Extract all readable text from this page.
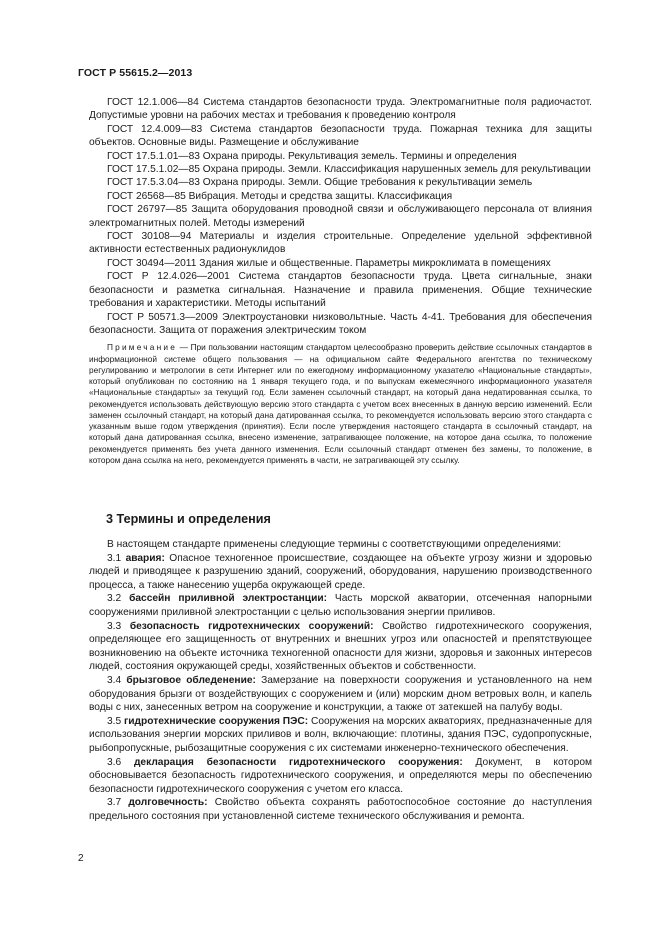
ГОСТ Р 55615.2—2013

ГОСТ 12.1.006—84 Система стандартов безопасности труда. Электромагнитные поля радиочастот. Допустимые уровни на рабочих местах и требования к проведению контроля

ГОСТ 12.4.009—83 Система стандартов безопасности труда. Пожарная техника для защиты объектов. Основные виды. Размещение и обслуживание

ГОСТ 17.5.1.01—83 Охрана природы. Рекультивация земель. Термины и определения

ГОСТ 17.5.1.02—85 Охрана природы. Земли. Классификация нарушенных земель для рекультивации

ГОСТ 17.5.3.04—83 Охрана природы. Земли. Общие требования к рекультивации земель

ГОСТ 26568—85 Вибрация. Методы и средства защиты. Классификация

ГОСТ 26797—85 Защита оборудования проводной связи и обслуживающего персонала от влияния электромагнитных полей. Методы измерений

ГОСТ 30108—94 Материалы и изделия строительные. Определение удельной эффективной активности естественных радионуклидов

ГОСТ 30494—2011 Здания жилые и общественные. Параметры микроклимата в помещениях

ГОСТ Р 12.4.026—2001 Система стандартов безопасности труда. Цвета сигнальные, знаки безопасности и разметка сигнальная. Назначение и правила применения. Общие технические требования и характеристики. Методы испытаний

ГОСТ Р 50571.3—2009 Электроустановки низковольтные. Часть 4-41. Требования для обеспечения безопасности. Защита от поражения электрическим током

Примечание — При пользовании настоящим стандартом целесообразно проверить действие ссылочных стандартов в информационной системе общего пользования — на официальном сайте Федерального агентства по техническому регулированию и метрологии в сети Интернет или по ежегодному информационному указателю «Национальные стандарты», который опубликован по состоянию на 1 января текущего года, и по выпускам ежемесячного информационного указателя «Национальные стандарты» за текущий год. Если заменен ссылочный стандарт, на который дана недатированная ссылка, то рекомендуется использовать действующую версию этого стандарта с учетом всех внесенных в данную версию изменений. Если заменен ссылочный стандарт, на который дана датированная ссылка, то рекомендуется использовать версию этого стандарта с указанным выше годом утверждения (принятия). Если после утверждения настоящего стандарта в ссылочный стандарт, на который дана датированная ссылка, внесено изменение, затрагивающее положение, на которое дана ссылка, то положение рекомендуется применять без учета данного изменения. Если ссылочный стандарт отменен без замены, то положение, в котором дана ссылка на него, рекомендуется применять в части, не затрагивающей эту ссылку.

3 Термины и определения

В настоящем стандарте применены следующие термины с соответствующими определениями:

3.1 авария: Опасное техногенное происшествие, создающее на объекте угрозу жизни и здоровью людей и приводящее к разрушению зданий, сооружений, оборудования, нарушению производственного процесса, а также нанесению ущерба окружающей среде.

3.2 бассейн приливной электростанции: Часть морской акватории, отсеченная напорными сооружениями приливной электростанции с целью использования энергии приливов.

3.3 безопасность гидротехнических сооружений: Свойство гидротехнического сооружения, определяющее его защищенность от внутренних и внешних угроз или опасностей и препятствующее возникновению на объекте источника техногенной опасности для жизни, здоровья и законных интересов людей, состояния окружающей среды, хозяйственных объектов и собственности.

3.4 брызговое обледенение: Замерзание на поверхности сооружения и установленного на нем оборудования брызги от воздействующих с сооружением и (или) морским дном ветровых волн, и капель воды с них, занесенных ветром на сооружение и конструкции, а также от затекшей на палубу воды.

3.5 гидротехнические сооружения ПЭС: Сооружения на морских акваториях, предназначенные для использования энергии морских приливов и волн, включающие: плотины, здания ПЭС, судопропускные, рыбопропускные, рыбозащитные сооружения с их системами инженерно-технического обеспечения.

3.6 декларация безопасности гидротехнического сооружения: Документ, в котором обосновывается безопасность гидротехнического сооружения, и определяются меры по обеспечению безопасности гидротехнического сооружения с учетом его класса.

3.7 долговечность: Свойство объекта сохранять работоспособное состояние до наступления предельного состояния при установленной системе технического обслуживания и ремонта.

2
